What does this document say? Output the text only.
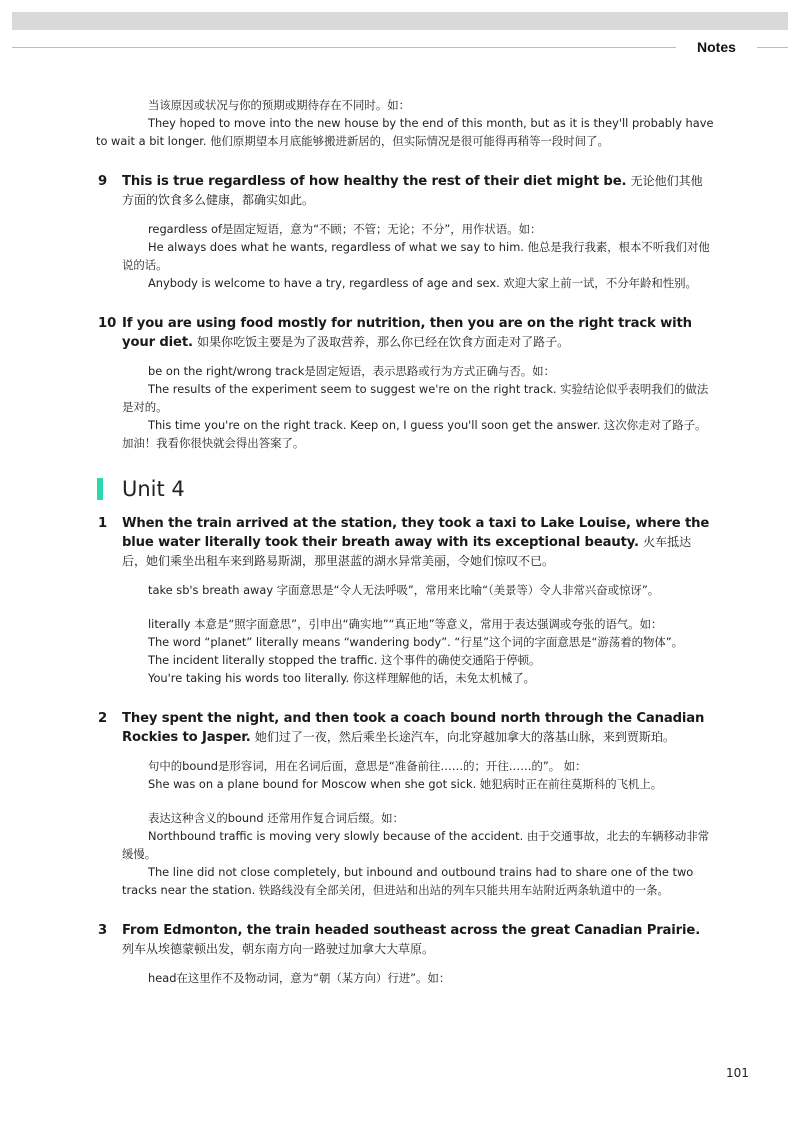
Notes

当该原因或状况与你的预期或期待存在不同时。如：

They hoped to move into the new house by the end of this month, but as it is they'll probably have to wait a bit longer. 他们原期望本月底能够搬进新居的，但实际情况是很可能得再稍等一段时间了。

9 This is true regardless of how healthy the rest of their diet might be. 无论他们其他方面的饮食多么健康，都确实如此。

regardless of是固定短语，意为“不顾；不管；无论；不分”，用作状语。如：

He always does what he wants, regardless of what we say to him. 他总是我行我素，根本不听我们对他说的话。

Anybody is welcome to have a try, regardless of age and sex. 欢迎大家上前一试，不分年龄和性别。

10 If you are using food mostly for nutrition, then you are on the right track with your diet. 如果你吃饭主要是为了汲取营养，那么你已经在饮食方面走对了路子。

be on the right/wrong track是固定短语，表示思路或行为方式正确与否。如：

The results of the experiment seem to suggest we're on the right track. 实验结论似乎表明我们的做法是对的。

This time you're on the right track. Keep on, I guess you'll soon get the answer. 这次你走对了路子。加油！我看你很快就会得出答案了。

Unit 4
1 When the train arrived at the station, they took a taxi to Lake Louise, where the blue water literally took their breath away with its exceptional beauty. 火车抵达后，她们乘坐出租车来到路易斯湖，那里湛蓝的湖水异常美丽，令她们惊叹不已。

take sb's breath away 字面意思是“令人无法呼吸”，常用来比喻“（美景等）令人非常兴奋或惊讶”。

literally 本意是“照字面意思”，引申出“确实地”“真正地”等意义，常用于表达强调或夸张的语气。如：

The word “planet” literally means “wandering body”. “行星”这个词的字面意思是“游荡着的物体”。

The incident literally stopped the traffic. 这个事件的确使交通陷于停顿。

You're taking his words too literally. 你这样理解他的话，未免太机械了。

2 They spent the night, and then took a coach bound north through the Canadian Rockies to Jasper. 她们过了一夜，然后乘坐长途汽车，向北穿越加拿大的落基山脉，来到贾斯珀。

句中的bound是形容词，用在名词后面，意思是“准备前往……的；开往……的”。 如：

She was on a plane bound for Moscow when she got sick. 她犯病时正在前往莫斯科的飞机上。

表达这种含义的bound 还常用作复合词后缀。如：

Northbound traffic is moving very slowly because of the accident. 由于交通事故，北去的车辆移动非常缓慢。

The line did not close completely, but inbound and outbound trains had to share one of the two tracks near the station. 铁路线没有全部关闭，但进站和出站的列车只能共用车站附近两条轨道中的一条。

3 From Edmonton, the train headed southeast across the great Canadian Prairie. 列车从埃德蒙顿出发，朝东南方向一路驶过加拿大大草原。

head在这里作不及物动词，意为“朝（某方向）行进”。如：

101
